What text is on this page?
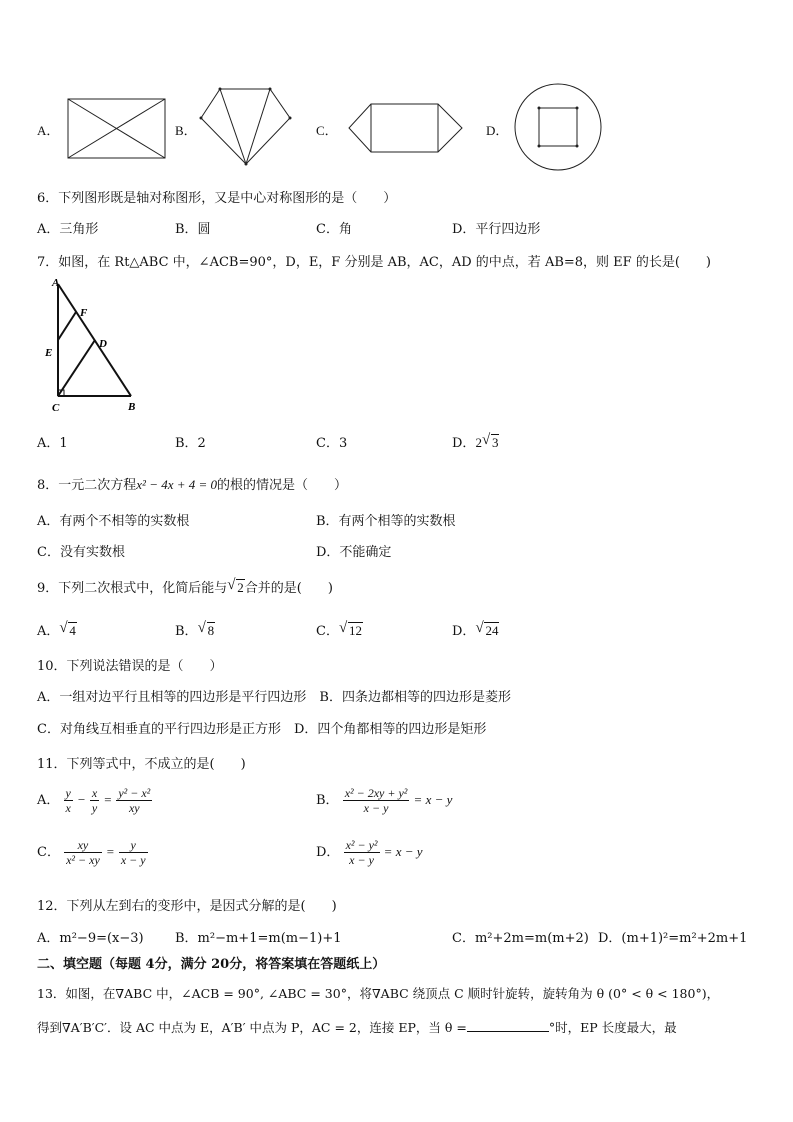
A．	B．	C．	D．
6．下列图形既是轴对称图形，又是中心对称图形的是（　　）
A．三角形	B．圆	C．角	D．平行四边形
7．如图，在 Rt△ABC 中，∠ACB=90°，D，E，F 分别是 AB，AC，AD 的中点，若 AB=8，则 EF 的长是(　　)
A
F
E
D
C	B
A．1	B．2	C．3	D．2 √ 3
8．一元二次方程x² − 4x + 4 = 0的根的情况是（　　）
A．有两个不相等的实数根	B．有两个相等的实数根
C．没有实数根	D．不能确定
9．下列二次根式中，化简后能与 √ 2合并的是(　　)
A． √ 4	B． √ 8	C． √ 12	D． √ 24
10．下列说法错误的是（　　）
A．一组对边平行且相等的四边形是平行四边形　B．四条边都相等的四边形是菱形
C．对角线互相垂直的平行四边形是正方形　D．四个角都相等的四边形是矩形
11．下列等式中，不成立的是(　　)
A． $\frac{y}{x} - \frac{x}{y} = \frac{\text{y² − x²}}{xy}$	B． $\frac{\text{x² − 2xy + y²}}{x - y} = x - y$
C． $\frac{xy}{\text{x² − xy}} = \frac{y}{x - y}$	D． $\frac{\text{x² − y²}}{x - y} = x - y$
12．下列从左到右的变形中，是因式分解的是(　　)
A．m²−9=(x−3) B．m²−m+1=m(m−1)+1	C．m²+2m=m(m+2) D．(m+1)²=m²+2m+1
二、填空题（每题 4分，满分 20分，将答案填在答题纸上）
13．如图，在∇ABC 中，∠ACB = 90°, ∠ABC = 30°，将∇ABC 绕顶点 C 顺时针旋转，旋转角为 θ (0° < θ < 180°)，
得到∇A′B′C′．设 AC 中点为 E，A′B′ 中点为 P，AC = 2，连接 EP，当 θ =	°时，EP 长度最大，最
